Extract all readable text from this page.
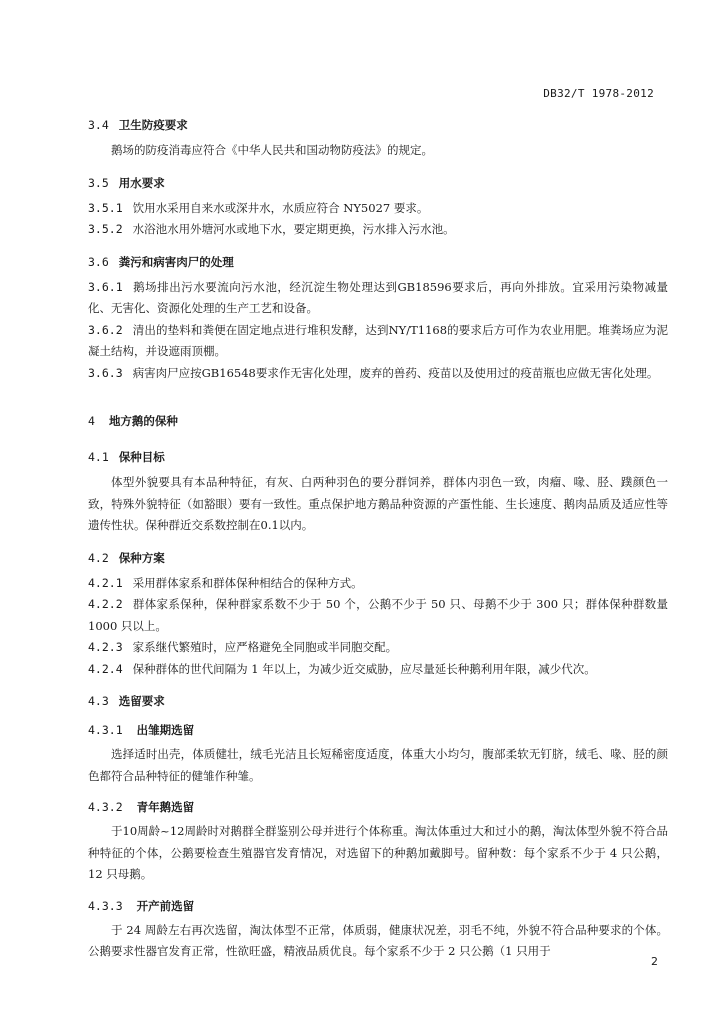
DB32/T 1978-2012
3.4 卫生防疫要求

鹅场的防疫消毒应符合《中华人民共和国动物防疫法》的规定。

3.5 用水要求

3.5.1 饮用水采用自来水或深井水，水质应符合 NY5027 要求。

3.5.2 水浴池水用外塘河水或地下水，要定期更换，污水排入污水池。

3.6 粪污和病害肉尸的处理

3.6.1 鹅场排出污水要流向污水池，经沉淀生物处理达到GB18596要求后，再向外排放。宜采用污染物减量化、无害化、资源化处理的生产工艺和设备。

3.6.2 清出的垫料和粪便在固定地点进行堆积发酵，达到NY/T1168的要求后方可作为农业用肥。堆粪场应为泥凝土结构，并设遮雨顶棚。

3.6.3 病害肉尸应按GB16548要求作无害化处理，废弃的兽药、疫苗以及使用过的疫苗瓶也应做无害化处理。

4 地方鹅的保种
4.1 保种目标

体型外貌要具有本品种特征，有灰、白两种羽色的要分群饲养，群体内羽色一致，肉瘤、喙、胫、蹼颜色一致，特殊外貌特征（如豁眼）要有一致性。重点保护地方鹅品种资源的产蛋性能、生长速度、鹅肉品质及适应性等遗传性状。保种群近交系数控制在0.1以内。

4.2 保种方案

4.2.1 采用群体家系和群体保种相结合的保种方式。

4.2.2 群体家系保种，保种群家系数不少于 50 个，公鹅不少于 50 只、母鹅不少于 300 只；群体保种群数量 1000 只以上。

4.2.3 家系继代繁殖时，应严格避免全同胞或半同胞交配。

4.2.4 保种群体的世代间隔为 1 年以上，为减少近交威胁，应尽量延长种鹅利用年限，减少代次。

4.3 选留要求
4.3.1 出雏期选留

选择适时出壳，体质健壮，绒毛光洁且长短稀密度适度，体重大小均匀，腹部柔软无钉脐，绒毛、喙、胫的颜色都符合品种特征的健雏作种雏。

4.3.2 青年鹅选留

于10周龄~12周龄时对鹅群全群鉴别公母并进行个体称重。淘汰体重过大和过小的鹅，淘汰体型外貌不符合品种特征的个体，公鹅要检查生殖器官发育情况，对选留下的种鹅加戴脚号。留种数：每个家系不少于 4 只公鹅，12 只母鹅。

4.3.3 开产前选留

于 24 周龄左右再次选留，淘汰体型不正常，体质弱，健康状况差，羽毛不纯，外貌不符合品种要求的个体。公鹅要求性器官发育正常，性欲旺盛，精液品质优良。每个家系不少于 2 只公鹅（1 只用于

2
